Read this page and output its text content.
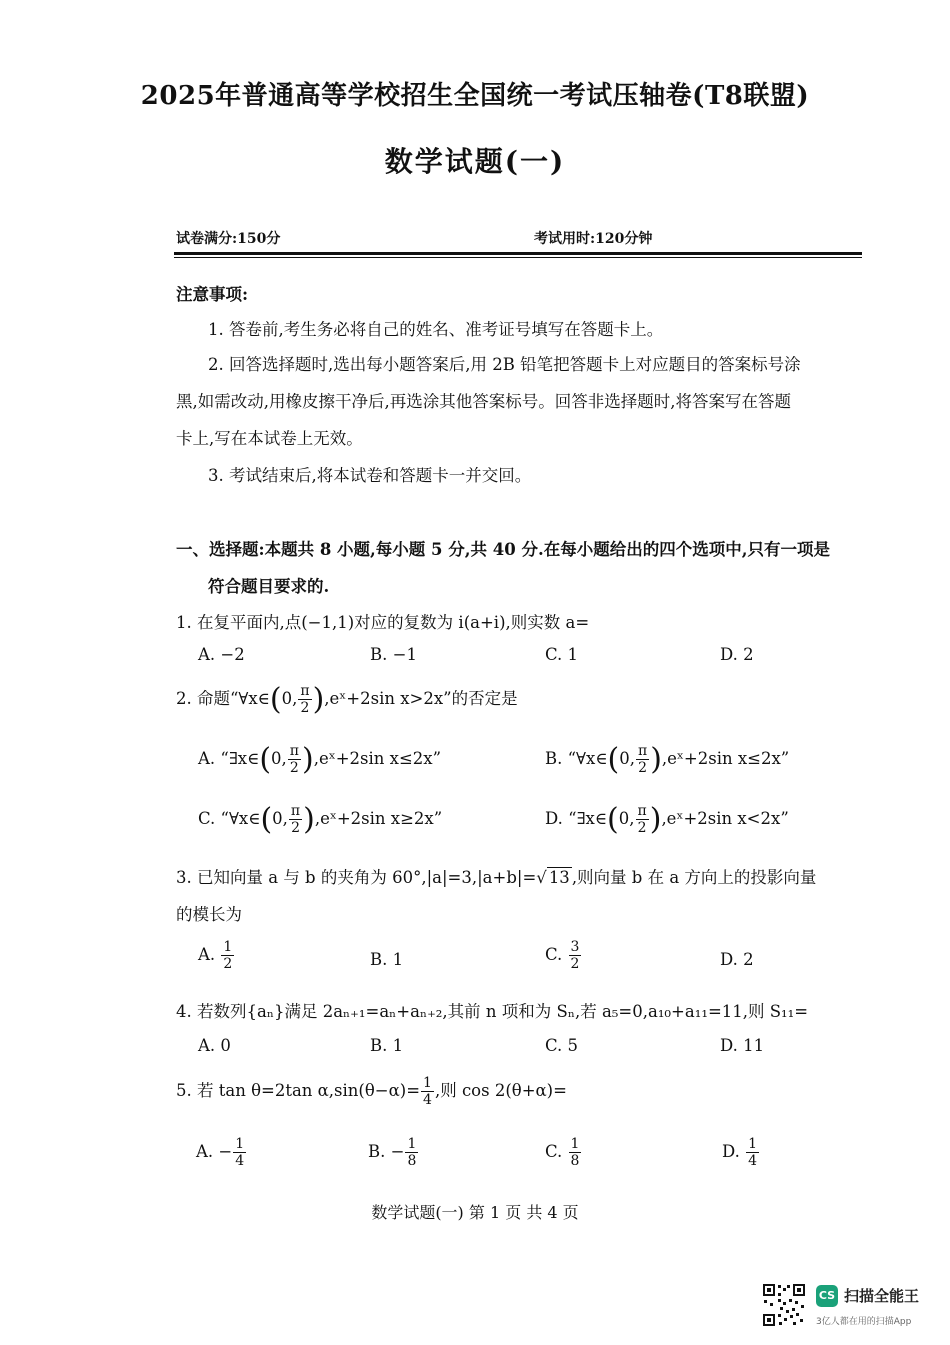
2025年普通高等学校招生全国统一考试压轴卷(T8联盟)
数学试题(一)
试卷满分:150分	考试用时:120分钟
注意事项:
1. 答卷前,考生务必将自己的姓名、准考证号填写在答题卡上。
2. 回答选择题时,选出每小题答案后,用 2B 铅笔把答题卡上对应题目的答案标号涂
黑,如需改动,用橡皮擦干净后,再选涂其他答案标号。回答非选择题时,将答案写在答题
卡上,写在本试卷上无效。
3. 考试结束后,将本试卷和答题卡一并交回。
一、选择题:本题共 8 小题,每小题 5 分,共 40 分.在每小题给出的四个选项中,只有一项是
符合题目要求的.
1. 在复平面内,点(−1,1)对应的复数为 i(a+i),则实数 a=
A. −2	B. −1	C. 1	D. 2
2. 命题“∀x∈(0, $\frac{\pi}{2}$ ),eˣ+2sin x>2x”的否定是
A. “∃x∈(0, $\frac{\pi}{2}$ ),eˣ+2sin x≤2x”	B. “∀x∈(0, $\frac{\pi}{2}$ ),eˣ+2sin x≤2x”
C. “∀x∈(0, $\frac{\pi}{2}$ ),eˣ+2sin x≥2x”	D. “∃x∈(0, $\frac{\pi}{2}$ ),eˣ+2sin x<2x”
3. 已知向量 a 与 b 的夹角为 60°,|a|=3,|a+b|=√ 13 ,则向量 b 在 a 方向上的投影向量
的模长为
A. $\frac{1}{2}$	B. 1	C. $\frac{3}{2}$	D. 2
4. 若数列{aₙ}满足 2aₙ₊₁=aₙ+aₙ₊₂,其前 n 项和为 Sₙ,若 a₅=0,a₁₀+a₁₁=11,则 S₁₁=
A. 0	B. 1	C. 5	D. 11
5. 若 tan θ=2tan $\alpha,\sin(\theta-\alpha)= \frac{1}{4}$ ,则 cos 2(θ+α)=
A. − $\frac{1}{4}$	B. − $\frac{1}{8}$	C. $\frac{1}{8}$	D. $\frac{1}{4}$
数学试题(一) 第 1 页 共 4 页
CS 扫描全能王
3亿人都在用的扫描App
